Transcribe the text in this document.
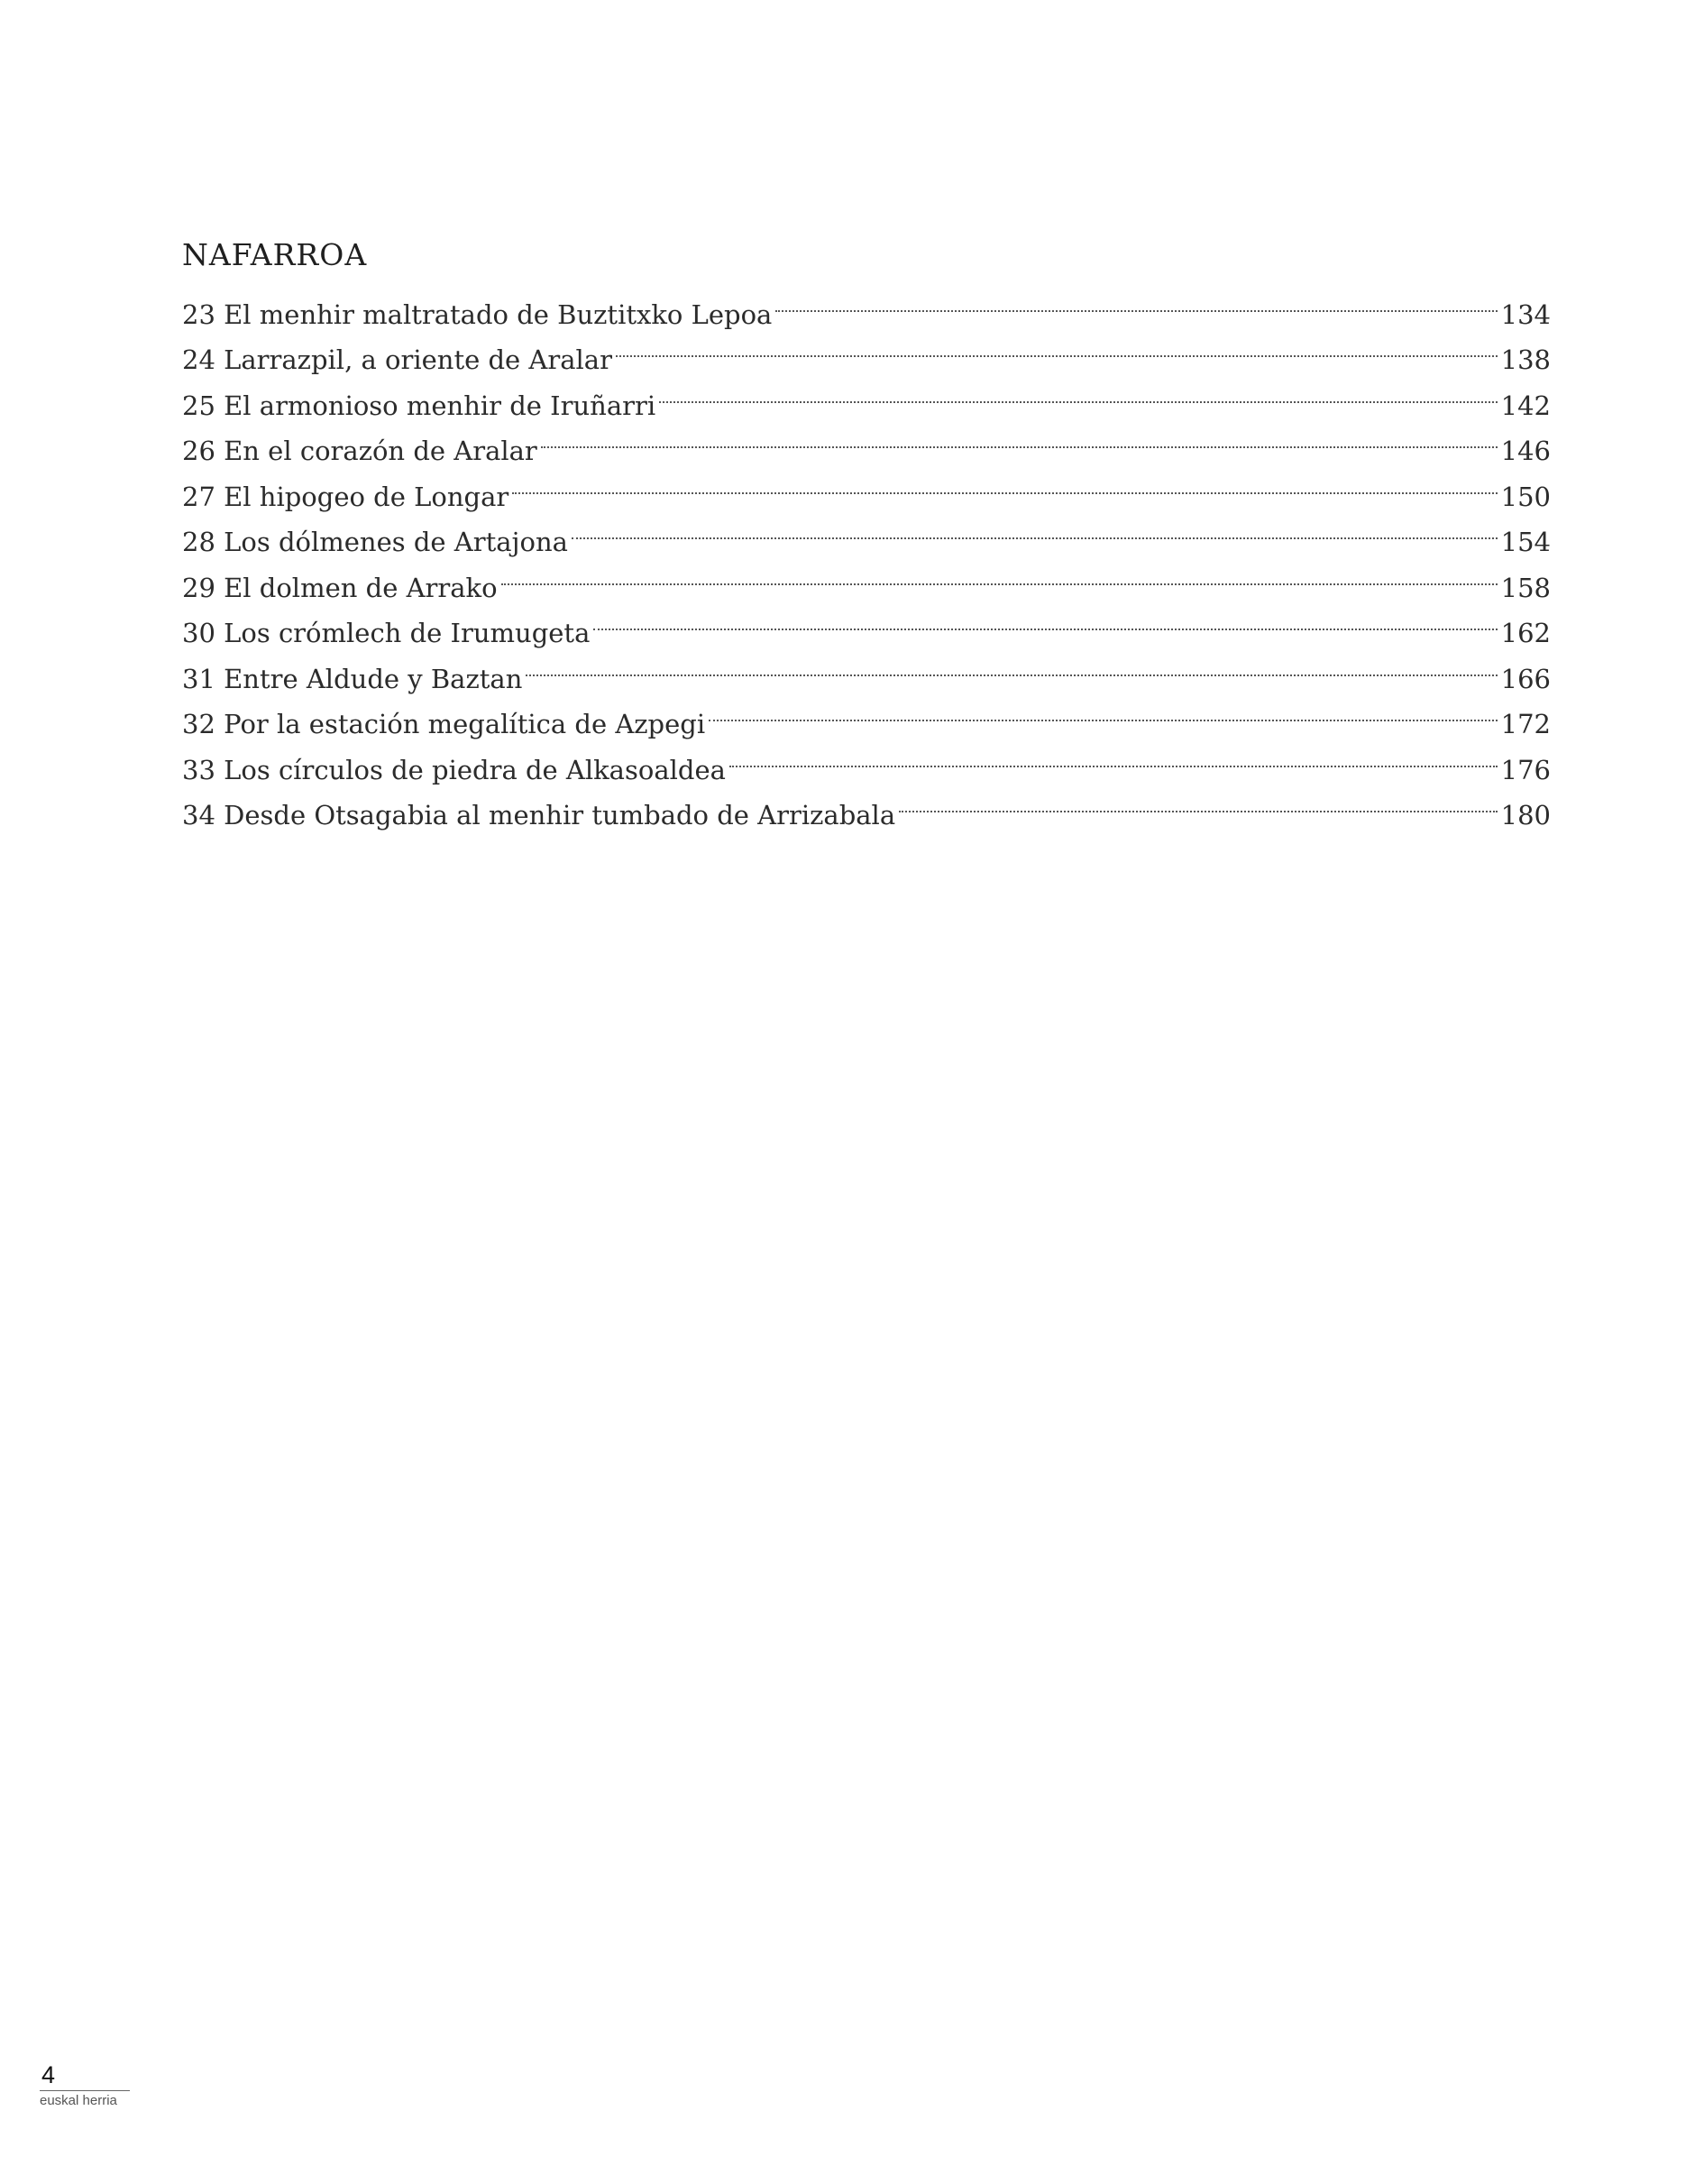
NAFARROA
23 El menhir maltratado de Buztitxko Lepoa	134
24 Larrazpil, a oriente de Aralar	138
25 El armonioso menhir de Iruñarri	142
26 En el corazón de Aralar	146
27 El hipogeo de Longar	150
28 Los dólmenes de Artajona	154
29 El dolmen de Arrako	158
30 Los crómlech de Irumugeta	162
31 Entre Aldude y Baztan	166
32 Por la estación megalítica de Azpegi	172
33 Los círculos de piedra de Alkasoaldea	176
34 Desde Otsagabia al menhir tumbado de Arrizabala	180
4
euskal herria
